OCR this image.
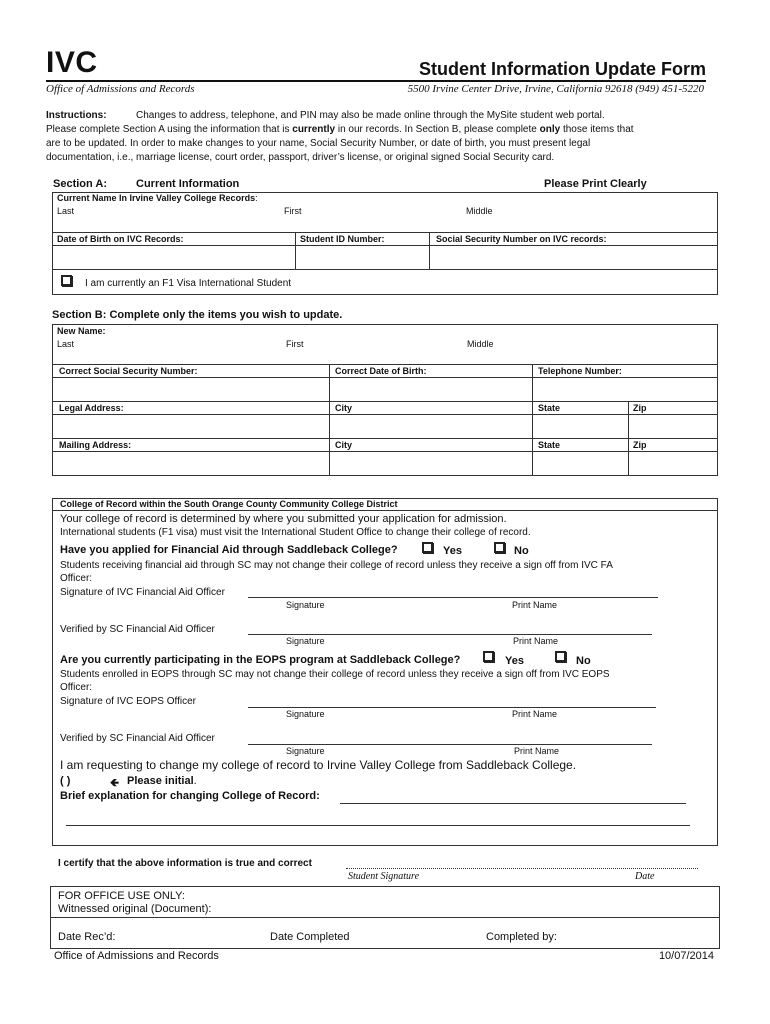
IVC	Student Information Update Form
Office of Admissions and Records	5500 Irvine Center Drive, Irvine, California 92618 (949) 451-5220
Instructions:	Changes to address, telephone, and PIN may also be made online through the MySite student web portal.
Please complete Section A using the information that is currently in our records. In Section B, please complete only those items that
are to be updated. In order to make changes to your name, Social Security Number, or date of birth, you must present legal
documentation, i.e., marriage license, court order, passport, driver’s license, or original signed Social Security card.
Section A:	Current Information	Please Print Clearly
Current Name In Irvine Valley College Records:
Last	First	Middle
Date of Birth on IVC Records:	Student ID Number:	Social Security Number on IVC records:
I am currently an F1 Visa International Student
Section B: Complete only the items you wish to update.
New Name:
Last	First	Middle
Correct Social Security Number:	Correct Date of Birth:	Telephone Number:
Legal Address:	City	State	Zip
Mailing Address:	City	State	Zip
College of Record within the South Orange County Community College District
Your college of record is determined by where you submitted your application for admission.
International students (F1 visa) must visit the International Student Office to change their college of record.
Have you applied for Financial Aid through Saddleback College?	Yes	No
Students receiving financial aid through SC may not change their college of record unless they receive a sign off from IVC FA
Officer:
Signature of IVC Financial Aid Officer
Signature	Print Name
Verified by SC Financial Aid Officer
Signature	Print Name
Are you currently participating in the EOPS program at Saddleback College?	Yes	No
Students enrolled in EOPS through SC may not change their college of record unless they receive a sign off from IVC EOPS
Officer:
Signature of IVC EOPS Officer
Signature	Print Name
Verified by SC Financial Aid Officer
Signature	Print Name
I am requesting to change my college of record to Irvine Valley College from Saddleback College.
( )	🡸 Please initial.
Brief explanation for changing College of Record:
I certify that the above information is true and correct
Student Signature	Date
FOR OFFICE USE ONLY:
Witnessed original (Document):
Date Rec’d:	Date Completed	Completed by:
Office of Admissions and Records	10/07/2014
